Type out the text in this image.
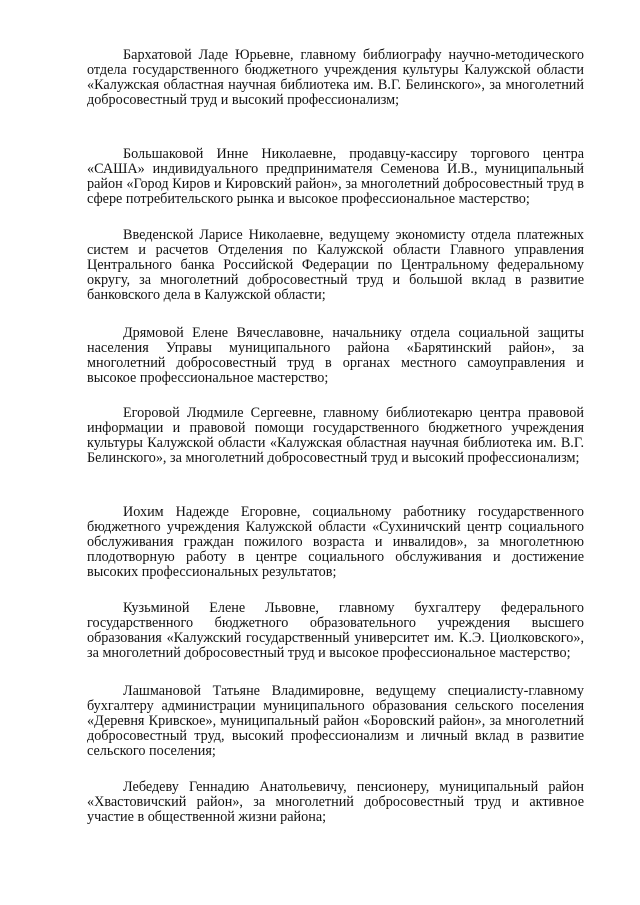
Бархатовой Ладе Юрьевне, главному библиографу научно-методического отдела государственного бюджетного учреждения культуры Калужской области «Калужская областная научная библиотека им. В.Г. Белинского», за многолетний добросовестный труд и высокий профессионализм;

Большаковой Инне Николаевне, продавцу-кассиру торгового центра «САША» индивидуального предпринимателя Семенова И.В., муниципальный район «Город Киров и Кировский район», за многолетний добросовестный труд в сфере потребительского рынка и высокое профессиональное мастерство;

Введенской Ларисе Николаевне, ведущему экономисту отдела платежных систем и расчетов Отделения по Калужской области Главного управления Центрального банка Российской Федерации по Центральному федеральному округу, за многолетний добросовестный труд и большой вклад в развитие банковского дела в Калужской области;

Дрямовой Елене Вячеславовне, начальнику отдела социальной защиты населения Управы муниципального района «Барятинский район», за многолетний добросовестный труд в органах местного самоуправления и высокое профессиональное мастерство;

Егоровой Людмиле Сергеевне, главному библиотекарю центра правовой информации и правовой помощи государственного бюджетного учреждения культуры Калужской области «Калужская областная научная библиотека им. В.Г. Белинского», за многолетний добросовестный труд и высокий профессионализм;

Иохим Надежде Егоровне, социальному работнику государственного бюджетного учреждения Калужской области «Сухиничский центр социального обслуживания граждан пожилого возраста и инвалидов», за многолетнюю плодотворную работу в центре социального обслуживания и достижение высоких профессиональных результатов;

Кузьминой Елене Львовне, главному бухгалтеру федерального государственного бюджетного образовательного учреждения высшего образования «Калужский государственный университет им. К.Э. Циолковского», за многолетний добросовестный труд и высокое профессиональное мастерство;

Лашмановой Татьяне Владимировне, ведущему специалисту-главному бухгалтеру администрации муниципального образования сельского поселения «Деревня Кривское», муниципальный район «Боровский район», за многолетний добросовестный труд, высокий профессионализм и личный вклад в развитие сельского поселения;

Лебедеву Геннадию Анатольевичу, пенсионеру, муниципальный район «Хвастовичский район», за многолетний добросовестный труд и активное участие в общественной жизни района;
